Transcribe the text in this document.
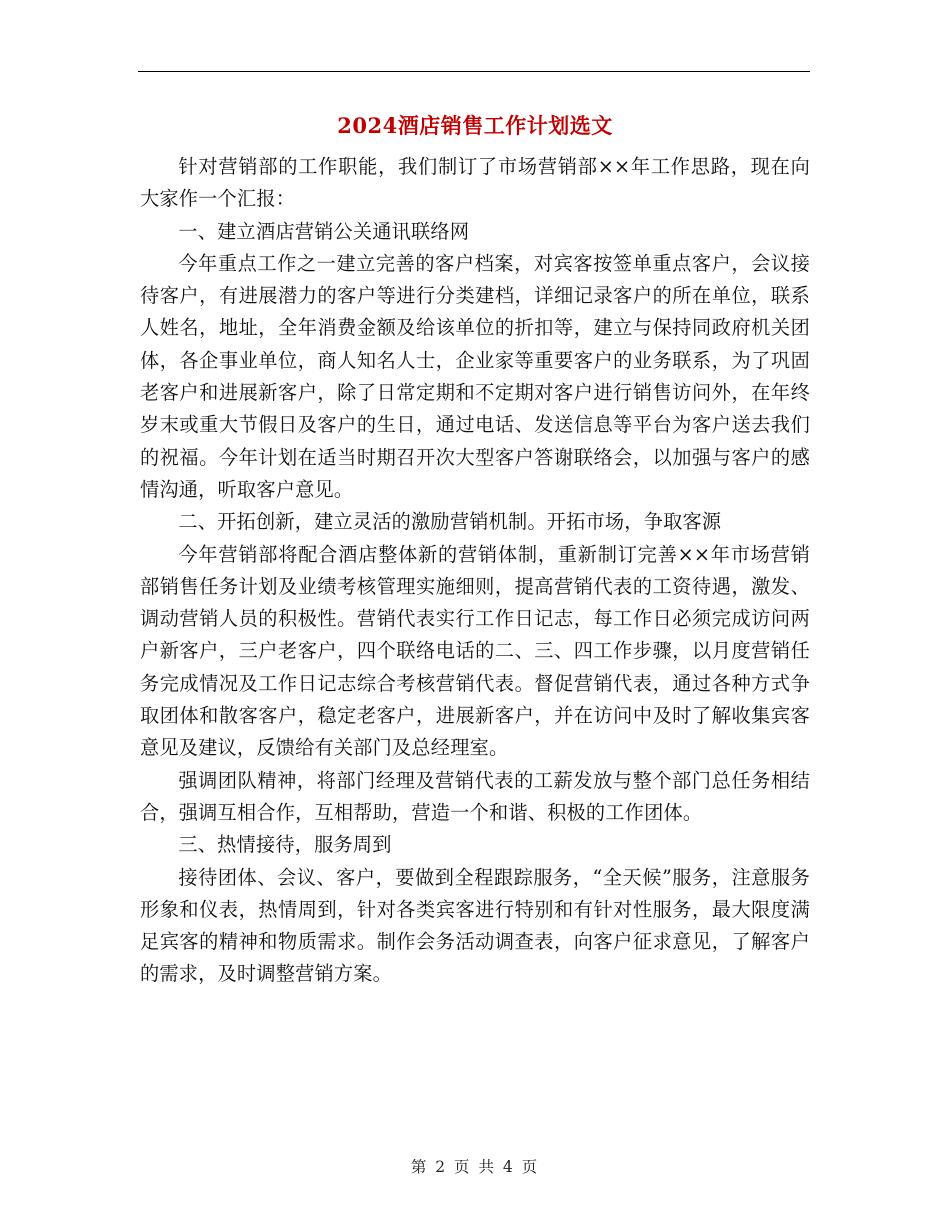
2024酒店销售工作计划选文

针对营销部的工作职能，我们制订了市场营销部××年工作思路，现在向大家作一个汇报：

一、建立酒店营销公关通讯联络网

今年重点工作之一建立完善的客户档案，对宾客按签单重点客户，会议接待客户，有进展潜力的客户等进行分类建档，详细记录客户的所在单位，联系人姓名，地址，全年消费金额及给该单位的折扣等，建立与保持同政府机关团体，各企事业单位，商人知名人士，企业家等重要客户的业务联系，为了巩固老客户和进展新客户，除了日常定期和不定期对客户进行销售访问外，在年终岁末或重大节假日及客户的生日，通过电话、发送信息等平台为客户送去我们的祝福。今年计划在适当时期召开次大型客户答谢联络会，以加强与客户的感情沟通，听取客户意见。

二、开拓创新，建立灵活的激励营销机制。开拓市场，争取客源

今年营销部将配合酒店整体新的营销体制，重新制订完善××年市场营销部销售任务计划及业绩考核管理实施细则，提高营销代表的工资待遇，激发、调动营销人员的积极性。营销代表实行工作日记志，每工作日必须完成访问两户新客户，三户老客户，四个联络电话的二、三、四工作步骤，以月度营销任务完成情况及工作日记志综合考核营销代表。督促营销代表，通过各种方式争取团体和散客客户，稳定老客户，进展新客户，并在访问中及时了解收集宾客意见及建议，反馈给有关部门及总经理室。

强调团队精神，将部门经理及营销代表的工薪发放与整个部门总任务相结合，强调互相合作，互相帮助，营造一个和谐、积极的工作团体。

三、热情接待，服务周到

接待团体、会议、客户，要做到全程跟踪服务，“全天候”服务，注意服务形象和仪表，热情周到，针对各类宾客进行特别和有针对性服务，最大限度满足宾客的精神和物质需求。制作会务活动调查表，向客户征求意见，了解客户的需求，及时调整营销方案。

第 2 页 共 4 页
